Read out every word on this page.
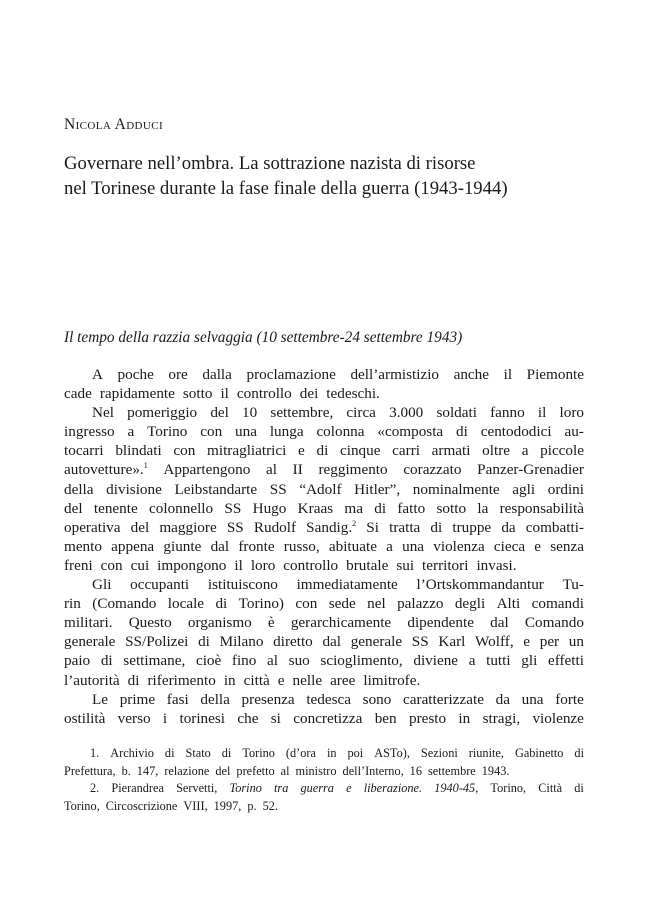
Nicola Adduci
Governare nell’ombra. La sottrazione nazista di risorse
nel Torinese durante la fase finale della guerra (1943-1944)
Il tempo della razzia selvaggia (10 settembre-24 settembre 1943)
A poche ore dalla proclamazione dell’armistizio anche il Piemonte
cade rapidamente sotto il controllo dei tedeschi.
Nel pomeriggio del 10 settembre, circa 3.000 soldati fanno il loro
ingresso a Torino con una lunga colonna «composta di centododici au-
tocarri blindati con mitragliatrici e di cinque carri armati oltre a piccole
autovetture».$^1$ Appartengono al II reggimento corazzato Panzer-Grenadier
della divisione Leibstandarte SS “Adolf Hitler”, nominalmente agli ordini
del tenente colonnello SS Hugo Kraas ma di fatto sotto la responsabilità
operativa del maggiore SS Rudolf Sandig.$^2$ Si tratta di truppe da combatti-
mento appena giunte dal fronte russo, abituate a una violenza cieca e senza
freni con cui impongono il loro controllo brutale sui territori invasi.
Gli occupanti istituiscono immediatamente l’Ortskommandantur Tu-
rin (Comando locale di Torino) con sede nel palazzo degli Alti comandi
militari. Questo organismo è gerarchicamente dipendente dal Comando
generale SS/Polizei di Milano diretto dal generale SS Karl Wolff, e per un
paio di settimane, cioè fino al suo scioglimento, diviene a tutti gli effetti
l’autorità di riferimento in città e nelle aree limitrofe.
Le prime fasi della presenza tedesca sono caratterizzate da una forte
ostilità verso i torinesi che si concretizza ben presto in stragi, violenze
1. Archivio di Stato di Torino (d’ora in poi ASTo), Sezioni riunite, Gabinetto di
Prefettura, b. 147, relazione del prefetto al ministro dell’Interno, 16 settembre 1943.
2. Pierandrea Servetti, Torino tra guerra e liberazione. 1940-45, Torino, Città di
Torino, Circoscrizione VIII, 1997, p. 52.
